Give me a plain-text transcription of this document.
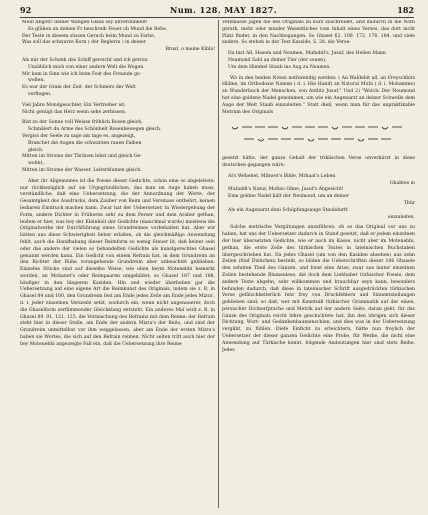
92	Num. 128. MAY 1827.	182

Mein Abgott! deiner Wangen Glanz sey unverdunkelt!

Es glühen an deinen Fr beschreib Feuer ob Mund die Rehe.

Der Teste in diesem süssen Geruch beim Mund zu Farbe,

Was soll das schwarze Korn ( der Beglerin ) in deiner

Brust, o meine Kibla!

Als mir der Schenk das Schiff gereicht und ich getrun

Unzählich mich von einer andern Welt die Wogen.

Mir kam in Sinn wie ich beim Fest des Freunde go-

wollen,

Es war der Gram der Zeit, der Schmerz der Welt

verflogen.

Viel Jahre Mondgesichter, Ein Vertreiber ist;

Nicht genügt das Herz wenn sehe zerbissen.

Bist zu der Sonne voll Weisse fröhlich Rosen gleich,

Schmälert du Arme des Schönheit Rosenbewegen gleich.

Vergiss der Seele zu sage am tage es, angezeigt,

Branchet die Augen die schwarzen rauen Falben

gleich.

Mitten im Strome der Thränen lebst und gleich Ge-

wohnt,

Mitten im Strome der Wasser, Leiterblumen gleich.

Aber ihr Allgemeines ist die Poesie dieser Gedichte, schon eine so abgeleitete, nur rückbezüglich auf sie Urgegründlichen, das man im Auge haben muss, verständliche, daß eine Uebersetzung, die der Annordnung der Worte, der Gesamtgkeit des Ausdrucks, dem Zauber von Reim und Versmass entbehrt, keinen lesbaren Eindruck machen kann. Zwar hat der Uebersetzer, in Wiedergebung der Form, andere Dichter in Früheren sehr zu dem Perser und dem Araber gethan, leidem er hier, was bey der Kleinheit der Gedichte (manchmal wurde) meistens die Originalwerke der Durchführung eines Grundreimes vorbehalten hat. Aber wir hätten uns diese Schwierigkeit lieber erlaßen, ob die gleichmäßige Anwendung fehlt, auch die Handhabung dieser Reimform so wenig Steuer lit, daß keiner sein oder das andere der vielen so behandelten Gedichte als kunstgerechtes Ghasel genannt werden kann. Ein Gedicht von einem Refrain hat, in dem Grundreim an den Richter der Ruhe vorangehende Grundreim aber unbeachtet geblieben. Einzelne Stücke sind auf dieselbe Weise, wie oben beym Motenebbi bemerkt worden, an Mohanet's oder Reimpaaren umgebildet; so Ghasel 187 und 188, häufiger in den längeren Kasiden. Hin und wieder überheben gar die Uebersetzung auf eine eigene Art die Reimkunst des Originals, indem sie z. B. in Ghasel 84 und 100, den Grundreim fest am Ende jedes Zeile am Ende jedes Mizra', d. i. jeder einzelnen Verszeile setzt, wodurch ein, wenn nicht ungenauerer, doch die Ghaselform zerflimmender Gleichklang entsteht. Ein anderes Mal wird z. B. in Ghasel 89. 91. 121. 125. die Vermischung des Refrains mit dem Reime: der Refrain steht hier in dieser Stelle, am Ende der andern Mizra's der Beits, und sind der Grundreim unmittelbar vor ihm weggelassen, aber am Ende der ersten Mizra's haben sie Wortes, die sich auf den Refrain reimen. Nicht selten tritt auch hier der bey Motenebbi angezeigte Fall ein, daß die Uebersetzung ihre Reime

Versmasse jagen die des Originals zu kurz zuschreidet, und dadurch in die Noth gerath, mehr oder minder Wesentliches vom Inhalt eines Verses, das dort nicht Platz findet, in den Nachbegangen. So Ghasel 62. 109. 172. 176. 184. und viele andere. So stehen in der Text Kasside, S. 28. die Verse:

Da bist All, Hasem und Neamen, Mufaddl's, Jusuf, des Heilen Mann.

Neamond Sahl an deiner Tier (der souen),

Um dem Himmel Staub ins Aug zu Neamen.

Wo in den beiden Noten nothwendig werden: ( An Waldebit all, an Freyschbitz Hläme, im Orthodoxie Namen ( d. i. Hie Hanif) an Natural Mufa ( d. i. Mohamme) an Wunderbuch der Menschen, von Antlitz Jusuf." Und 2) "Wolch: Der Neumond hat eine goldene Nadel genommen, um wie ein Augenarzt an deiner Schwelle dem Auge der Welt Staub einzuleiten." Statt dieß, wenn man für das unpraktikable Metrum des Originals

gesetzt hätte, der ganze Gehalt der trikiischen Verse unverkürzt in diese deutschen gegangen wäre:

Al's Webehet, Mibwet's Bilde, Mrbaat's Leben

Ghabtes in

Mufaddl's Natur, Mofino Ohne, Jusuf's Angesicht!

Eine goldne Nadel hält der Neumond, um an deiner

Thür

Als ein Augenarzt deni Schöpfungsauge Staubdurft

einzuleiten.

Solche metrische Vergütungen anzuführen, ob es das Original vor uns zu haben, hat uns der Uebersetzer dadurch in Stand gesetzt, daß er jedem einzelnen der hier übersetzten Gedichte, wie er auch im Kasse, nicht aber im Motenebbi, gethan, die erste Zeile des türkischen Textes in lateinischen Buchstaben übergeschrieben hat. Da jedes Ghasel (um von den Kasiden absehen) aus zehn Zeilen (fünf Distichen) besteht, so bilden die Ueberschriften dieser 106 Ghasele den zehnten Theil des Ganzen, und fonst eine Arise, zwar aus lauter einzelnen Zeilen bestehende Blumenlese, die doch dem Liebhaber türkischer Poesie, dem andere Texte abgehn, sehr willkommen und brauchbar seyn kann, besonders befunden dadurch, daß diese in lateinischer Schrift ausgedrückten türkischen Verse gefälschkeiterlich fehr frey von Druckfehlern und Sinnentstellungen geblieben sind; so daß, wer mit Kenntniß türkischer Grammatik auf der einen, persischer Dichterfprache und Metrik auf der andern Seite, daran geht, für das Ganze des Originals reicht fehre geschichtete hat, ihn den übrigen sich dieser Dichtung, Wort- und Gedankenbaumenschlen, und dies was in der Uebersetzung vergliht, zu fühlen. Diefe Einficht zu erleichtern, hätte nun freylich der Uebersetzer der dieser ganzen Gedichte eine Probe, für Werke, die nicht eine Anwendung auf Türkische kennt, folgende Andeutungen hier sind stets Reihe. Jedes
